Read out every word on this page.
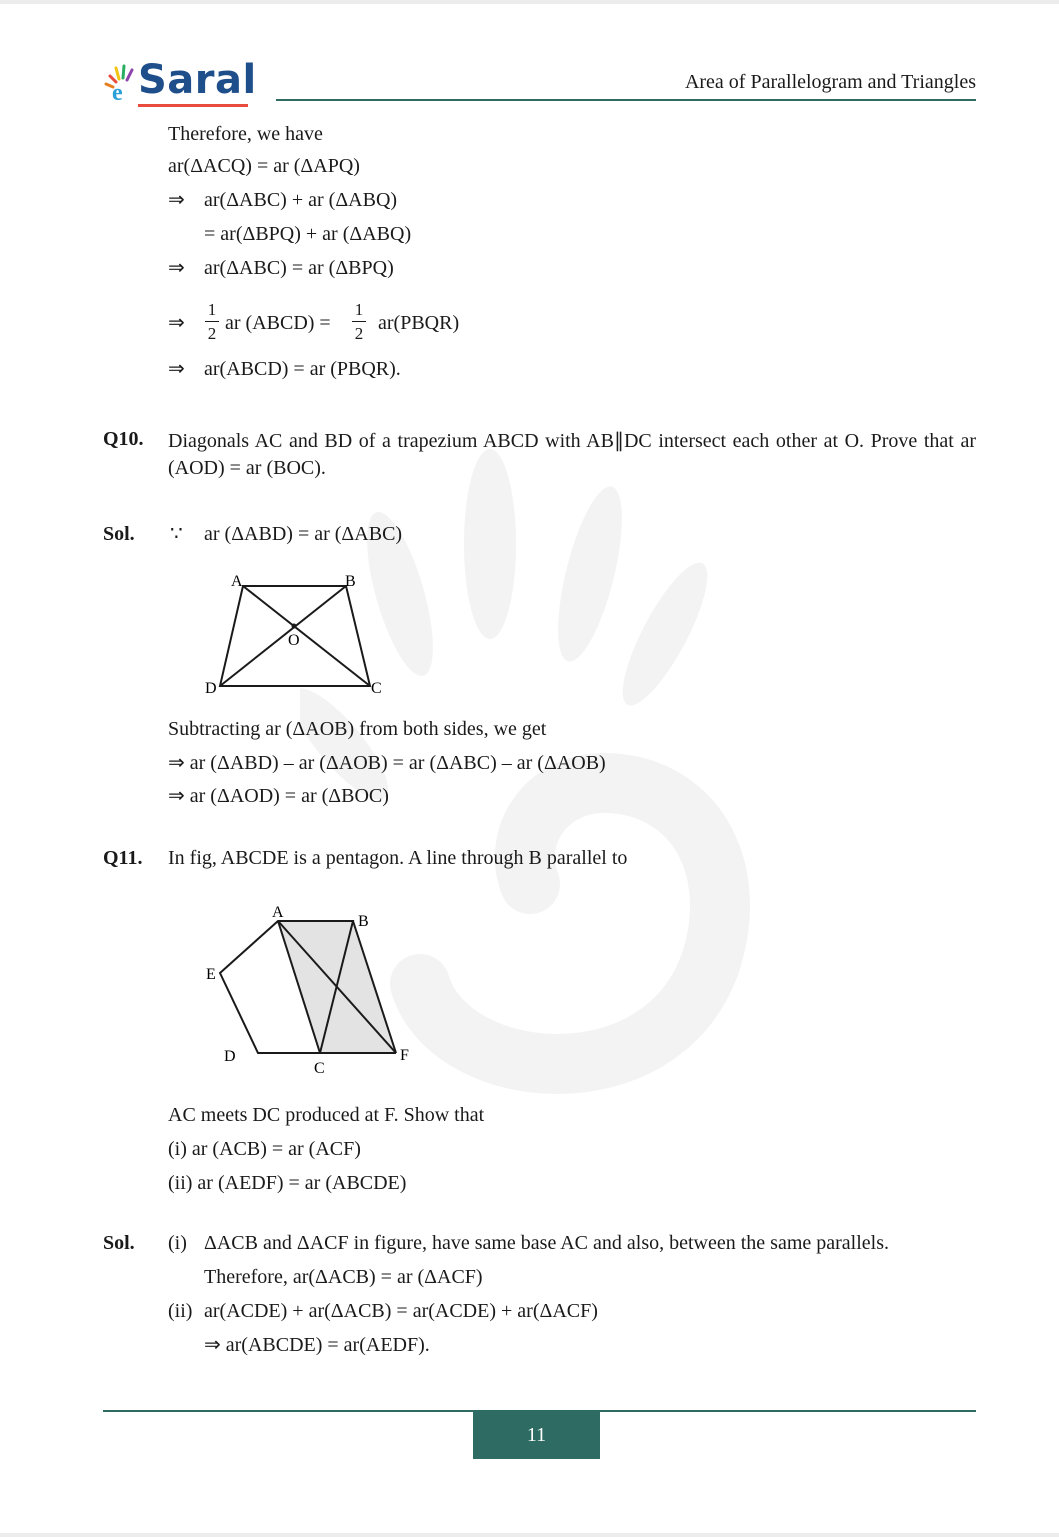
e Saral	Area of Parallelogram and Triangles
Therefore, we have
ar(ΔACQ) = ar (ΔAPQ)
⇒ ar(ΔABC) + ar (ΔABQ)
= ar(ΔBPQ) + ar (ΔABQ)
⇒ ar(ΔABC) = ar (ΔBPQ)
⇒
1
2 ar (ABCD) =
1
2 ar(PBQR)
⇒ ar(ABCD) = ar (PBQR).
Q10. Diagonals AC and BD of a trapezium ABCD with AB∥DC intersect each other at O. Prove that ar (AOD) = ar (BOC).
Sol. ∵ ar (ΔABD) = ar (ΔABC)
A	B
C
D
O
Subtracting ar (ΔAOB) from both sides, we get
⇒ ar (ΔABD) – ar (ΔAOB) = ar (ΔABC) – ar (ΔAOB)
⇒ ar (ΔAOD) = ar (ΔBOC)
Q11. In fig, ABCDE is a pentagon. A line through B parallel to
A
B
C
D
E
F
AC meets DC produced at F. Show that
(i) ar (ACB) = ar (ACF)
(ii) ar (AEDF) = ar (ABCDE)
Sol. (i) ΔACB and ΔACF in figure, have same base AC and also, between the same parallels.
Therefore, ar(ΔACB) = ar (ΔACF)
(ii) ar(ACDE) + ar(ΔACB) = ar(ACDE) + ar(ΔACF)
⇒ ar(ABCDE) = ar(AEDF).
11
